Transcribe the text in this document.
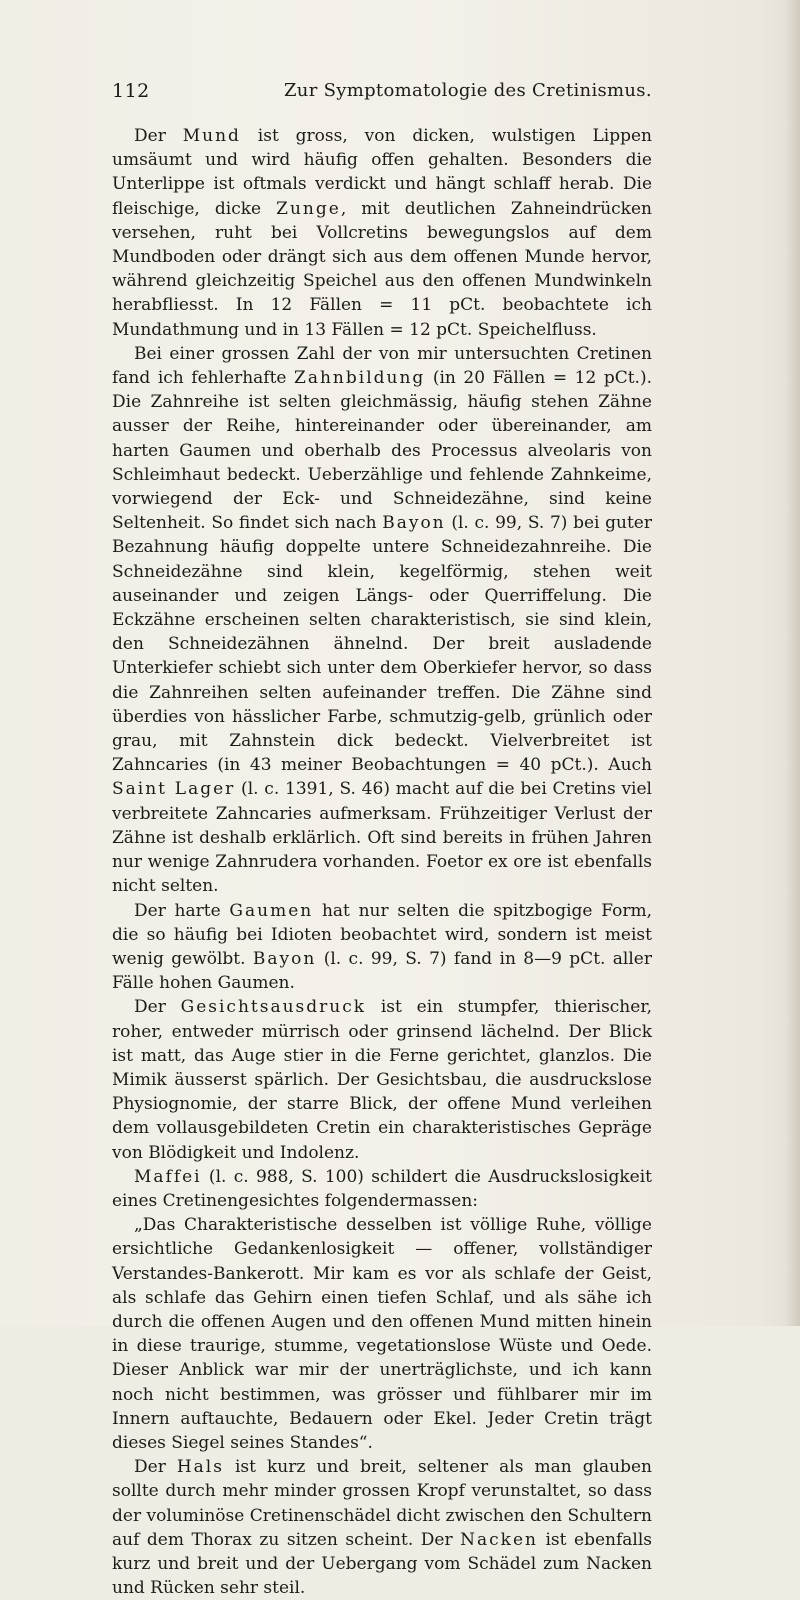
112	Zur Symptomatologie des Cretinismus.

Der Mund ist gross, von dicken, wulstigen Lippen umsäumt und wird häufig offen gehalten. Besonders die Unterlippe ist oftmals verdickt und hängt schlaff herab. Die fleischige, dicke Zunge, mit deutlichen Zahneindrücken versehen, ruht bei Vollcretins bewegungslos auf dem Mundboden oder drängt sich aus dem offenen Munde hervor, während gleichzeitig Speichel aus den offenen Mundwinkeln herabfliesst. In 12 Fällen = 11 pCt. beobachtete ich Mundathmung und in 13 Fällen = 12 pCt. Speichelfluss.

Bei einer grossen Zahl der von mir untersuchten Cretinen fand ich fehlerhafte Zahnbildung (in 20 Fällen = 12 pCt.). Die Zahnreihe ist selten gleichmässig, häufig stehen Zähne ausser der Reihe, hintereinander oder übereinander, am harten Gaumen und oberhalb des Processus alveolaris von Schleimhaut bedeckt. Ueberzählige und fehlende Zahnkeime, vorwiegend der Eck- und Schneidezähne, sind keine Seltenheit. So findet sich nach Bayon (l. c. 99, S. 7) bei guter Bezahnung häufig doppelte untere Schneidezahnreihe. Die Schneidezähne sind klein, kegelförmig, stehen weit auseinander und zeigen Längs- oder Querriffelung. Die Eckzähne erscheinen selten charakteristisch, sie sind klein, den Schneidezähnen ähnelnd. Der breit ausladende Unterkiefer schiebt sich unter dem Oberkiefer hervor, so dass die Zahnreihen selten aufeinander treffen. Die Zähne sind überdies von hässlicher Farbe, schmutzig-gelb, grünlich oder grau, mit Zahnstein dick bedeckt. Vielverbreitet ist Zahncaries (in 43 meiner Beobachtungen = 40 pCt.). Auch Saint Lager (l. c. 1391, S. 46) macht auf die bei Cretins viel verbreitete Zahncaries aufmerksam. Frühzeitiger Verlust der Zähne ist deshalb erklärlich. Oft sind bereits in frühen Jahren nur wenige Zahnrudera vorhanden. Foetor ex ore ist ebenfalls nicht selten.

Der harte Gaumen hat nur selten die spitzbogige Form, die so häufig bei Idioten beobachtet wird, sondern ist meist wenig gewölbt. Bayon (l. c. 99, S. 7) fand in 8—9 pCt. aller Fälle hohen Gaumen.

Der Gesichtsausdruck ist ein stumpfer, thierischer, roher, entweder mürrisch oder grinsend lächelnd. Der Blick ist matt, das Auge stier in die Ferne gerichtet, glanzlos. Die Mimik äusserst spärlich. Der Gesichtsbau, die ausdruckslose Physiognomie, der starre Blick, der offene Mund verleihen dem vollausgebildeten Cretin ein charakteristisches Gepräge von Blödigkeit und Indolenz.

Maffei (l. c. 988, S. 100) schildert die Ausdruckslosigkeit eines Cretinengesichtes folgendermassen:

„Das Charakteristische desselben ist völlige Ruhe, völlige ersichtliche Gedankenlosigkeit — offener, vollständiger Verstandes-Bankerott. Mir kam es vor als schlafe der Geist, als schlafe das Gehirn einen tiefen Schlaf, und als sähe ich durch die offenen Augen und den offenen Mund mitten hinein in diese traurige, stumme, vegetationslose Wüste und Oede. Dieser Anblick war mir der unerträglichste, und ich kann noch nicht bestimmen, was grösser und fühlbarer mir im Innern auftauchte, Bedauern oder Ekel. Jeder Cretin trägt dieses Siegel seines Standes“.

Der Hals ist kurz und breit, seltener als man glauben sollte durch mehr minder grossen Kropf verunstaltet, so dass der voluminöse Cretinenschädel dicht zwischen den Schultern auf dem Thorax zu sitzen scheint. Der Nacken ist ebenfalls kurz und breit und der Uebergang vom Schädel zum Nacken und Rücken sehr steil.
